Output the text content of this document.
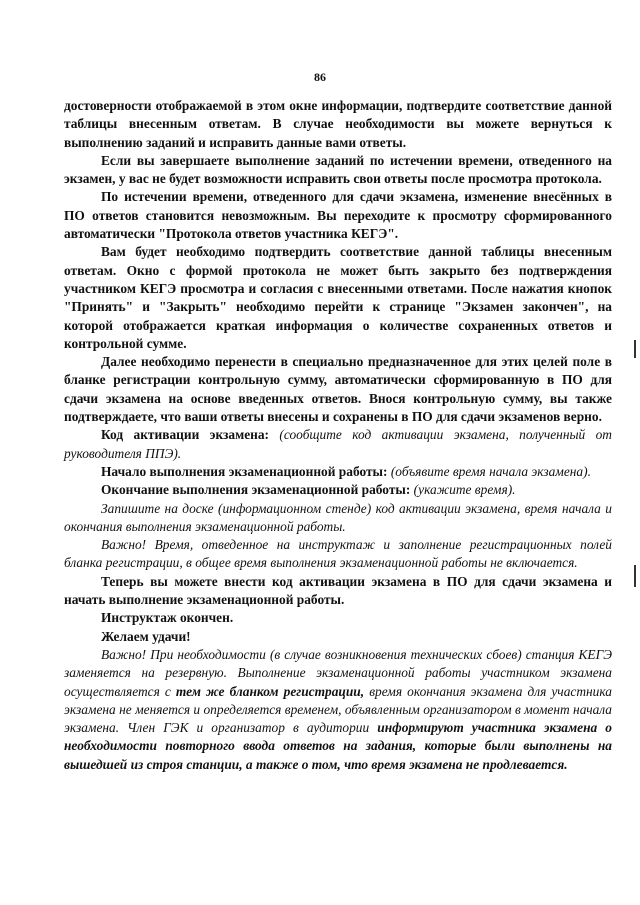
86

достоверности отображаемой в этом окне информации, подтвердите соответствие данной таблицы внесенным ответам. В случае необходимости вы можете вернуться к выполнению заданий и исправить данные вами ответы.

Если вы завершаете выполнение заданий по истечении времени, отведенного на экзамен, у вас не будет возможности исправить свои ответы после просмотра протокола.

По истечении времени, отведенного для сдачи экзамена, изменение внесённых в ПО ответов становится невозможным. Вы переходите к просмотру сформированного автоматически "Протокола ответов участника КЕГЭ".

Вам будет необходимо подтвердить соответствие данной таблицы внесенным ответам. Окно с формой протокола не может быть закрыто без подтверждения участником КЕГЭ просмотра и согласия с внесенными ответами. После нажатия кнопок "Принять" и "Закрыть" необходимо перейти к странице "Экзамен закончен", на которой отображается краткая информация о количестве сохраненных ответов и контрольной сумме.

Далее необходимо перенести в специально предназначенное для этих целей поле в бланке регистрации контрольную сумму, автоматически сформированную в ПО для сдачи экзамена на основе введенных ответов. Внося контрольную сумму, вы также подтверждаете, что ваши ответы внесены и сохранены в ПО для сдачи экзаменов верно.

Код активации экзамена: (сообщите код активации экзамена, полученный от руководителя ППЭ).

Начало выполнения экзаменационной работы: (объявите время начала экзамена).

Окончание выполнения экзаменационной работы: (укажите время).

Запишите на доске (информационном стенде) код активации экзамена, время начала и окончания выполнения экзаменационной работы.

Важно! Время, отведенное на инструктаж и заполнение регистрационных полей бланка регистрации, в общее время выполнения экзаменационной работы не включается.

Теперь вы можете внести код активации экзамена в ПО для сдачи экзамена и начать выполнение экзаменационной работы.

Инструктаж окончен.

Желаем удачи!

Важно! При необходимости (в случае возникновения технических сбоев) станция КЕГЭ заменяется на резервную. Выполнение экзаменационной работы участником экзамена осуществляется с тем же бланком регистрации, время окончания экзамена для участника экзамена не меняется и определяется временем, объявленным организатором в момент начала экзамена. Член ГЭК и организатор в аудитории информируют участника экзамена о необходимости повторного ввода ответов на задания, которые были выполнены на вышедшей из строя станции, а также о том, что время экзамена не продлевается.
